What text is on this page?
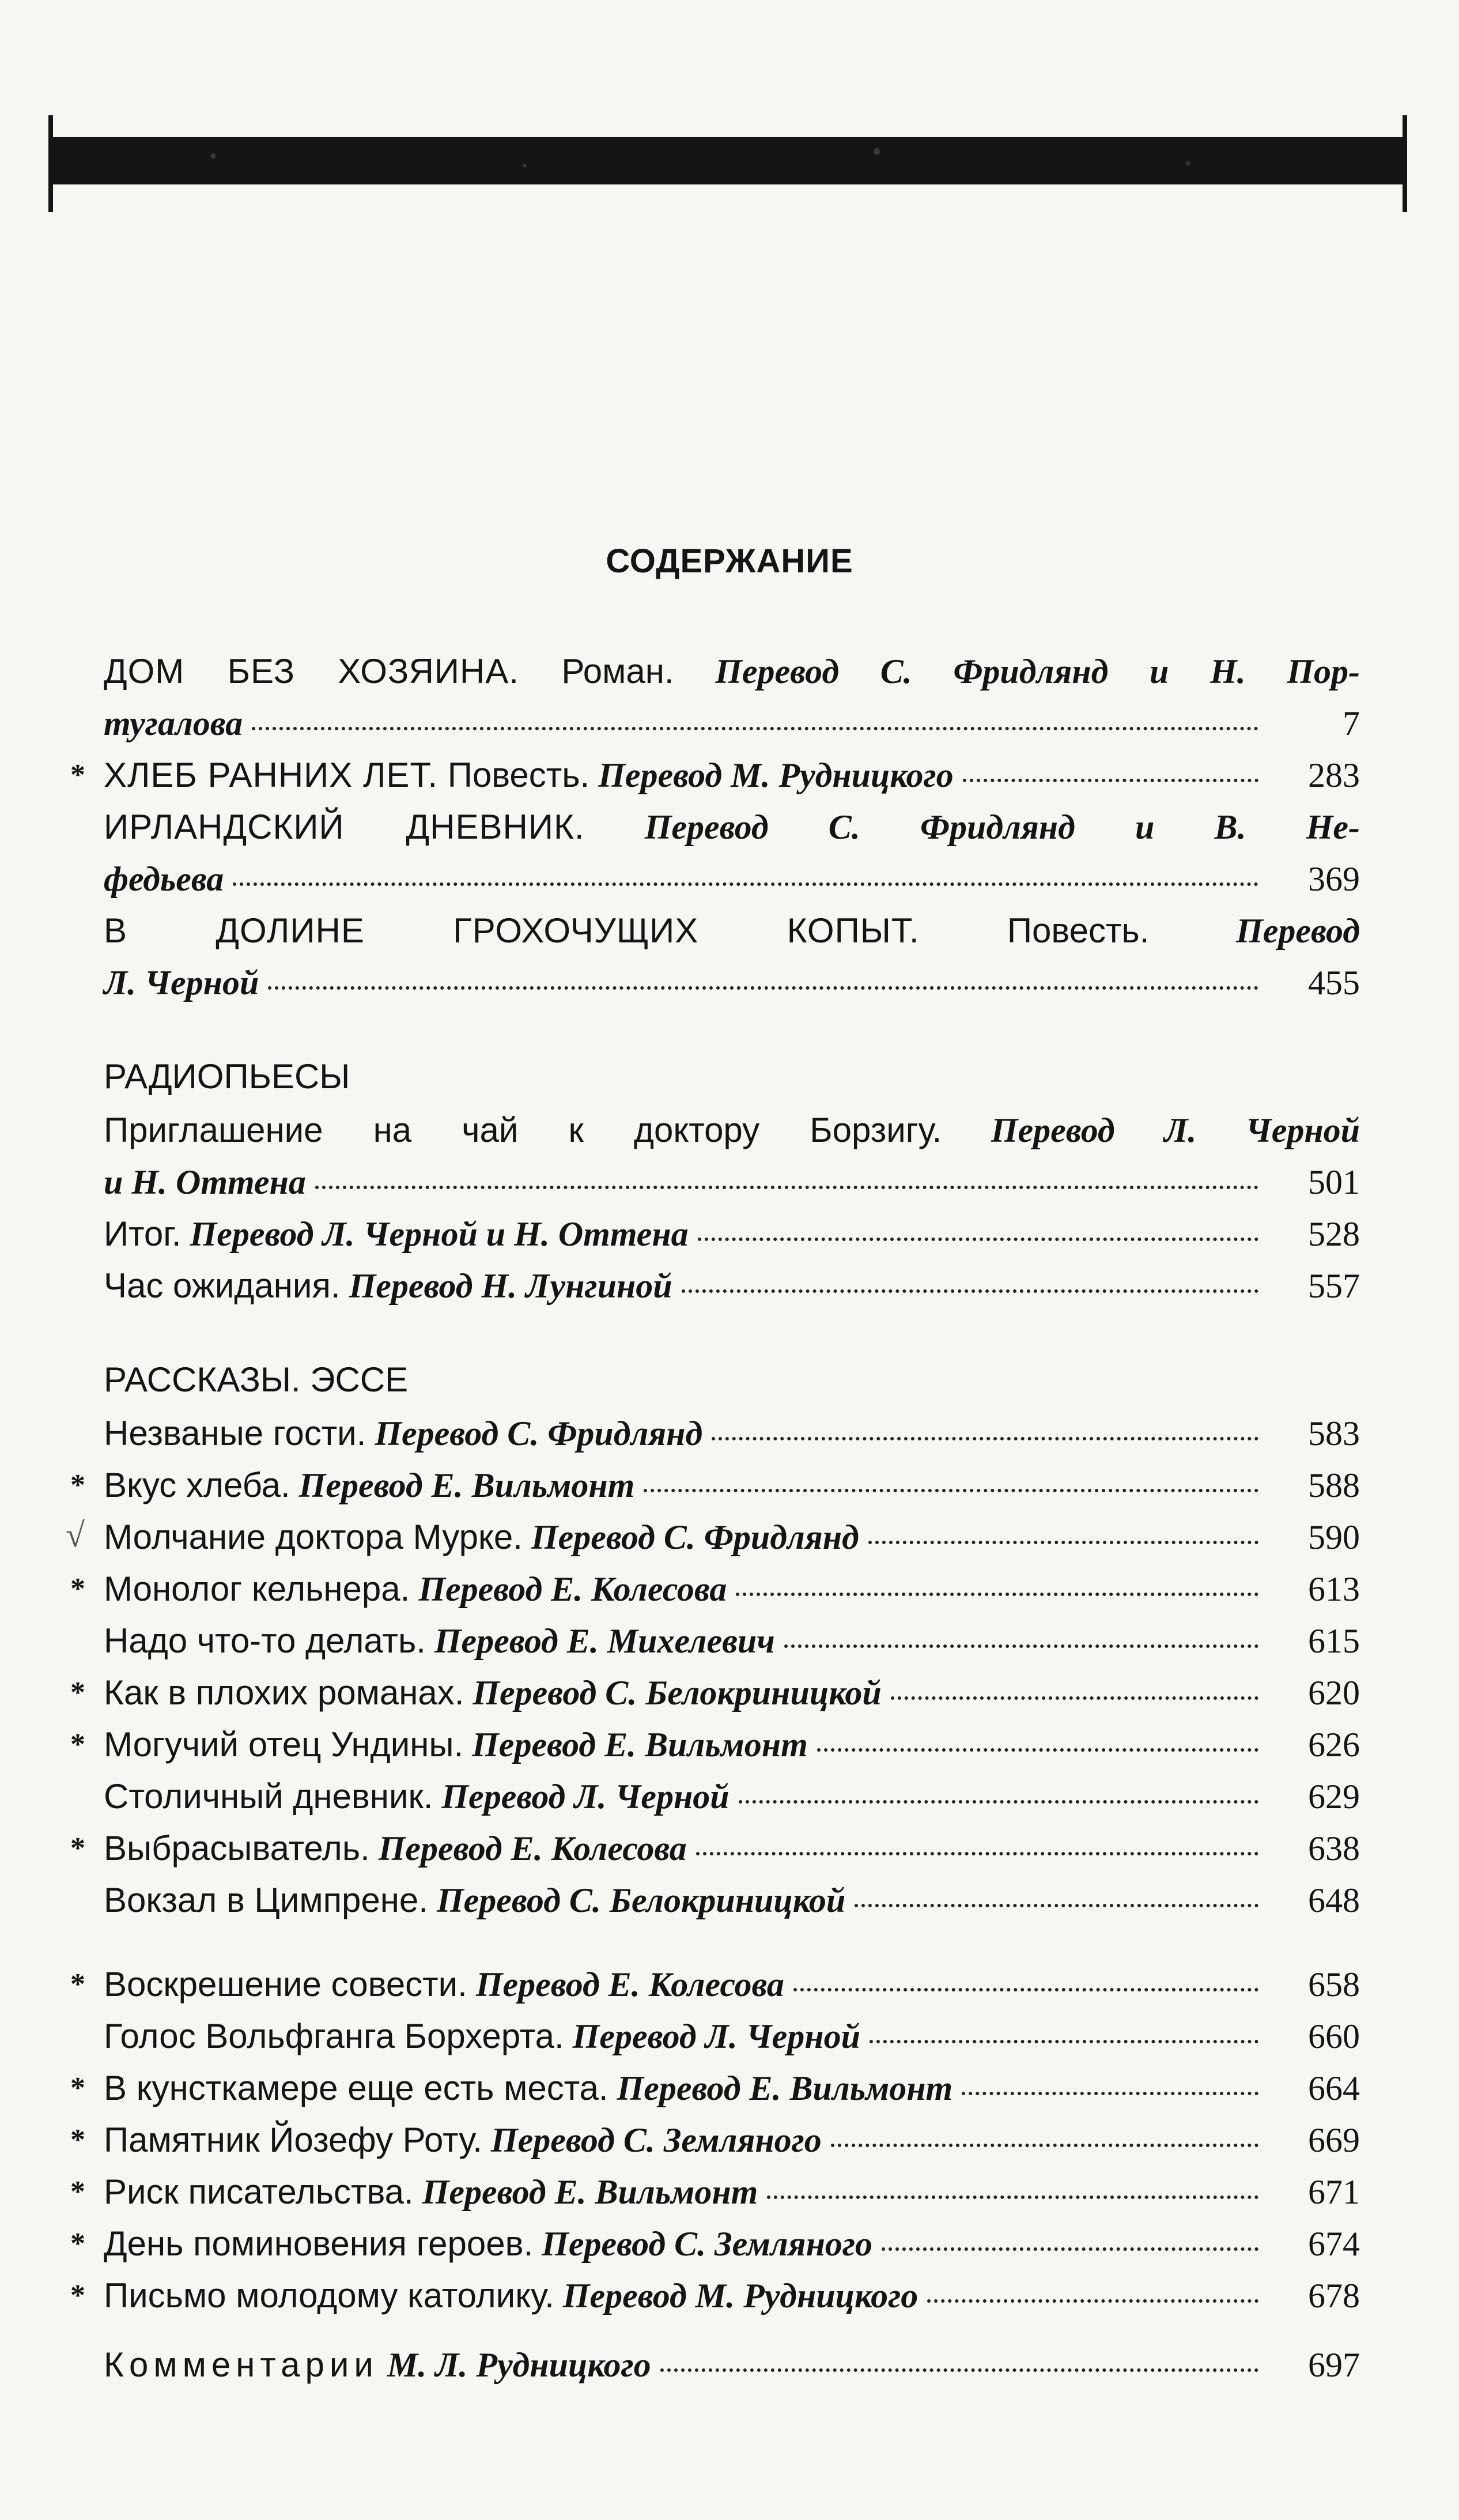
СОДЕРЖАНИЕ
ДОМ БЕЗ ХОЗЯИНА. Роман. Перевод С. Фридлянд и Н. Пор-
тугалова	7
* ХЛЕБ РАННИХ ЛЕТ. Повесть. Перевод М. Рудницкого	283
ИРЛАНДСКИЙ ДНЕВНИК. Перевод С. Фридлянд и В. Не-
федьева	369
В ДОЛИНЕ ГРОХОЧУЩИХ КОПЫТ. Повесть. Перевод
Л. Черной	455
РАДИОПЬЕСЫ
Приглашение на чай к доктору Борзигу. Перевод Л. Черной
и Н. Оттена	501
Итог. Перевод Л. Черной и Н. Оттена	528
Час ожидания. Перевод Н. Лунгиной	557
РАССКАЗЫ. ЭССЕ
Незваные гости. Перевод С. Фридлянд	583
* Вкус хлеба. Перевод Е. Вильмонт	588
√ Молчание доктора Мурке. Перевод С. Фридлянд	590
* Монолог кельнера. Перевод Е. Колесова	613
Надо что-то делать. Перевод Е. Михелевич	615
* Как в плохих романах. Перевод С. Белокриницкой	620
* Могучий отец Ундины. Перевод Е. Вильмонт	626
Столичный дневник. Перевод Л. Черной	629
* Выбрасыватель. Перевод Е. Колесова	638
Вокзал в Цимпрене. Перевод С. Белокриницкой	648
* Воскрешение совести. Перевод Е. Колесова	658
Голос Вольфганга Борхерта. Перевод Л. Черной	660
* В кунсткамере еще есть места. Перевод Е. Вильмонт	664
* Памятник Йозефу Роту. Перевод С. Земляного	669
* Риск писательства. Перевод Е. Вильмонт	671
* День поминовения героев. Перевод С. Земляного	674
* Письмо молодому католику. Перевод М. Рудницкого	678
Комментарии М. Л. Рудницкого	697
